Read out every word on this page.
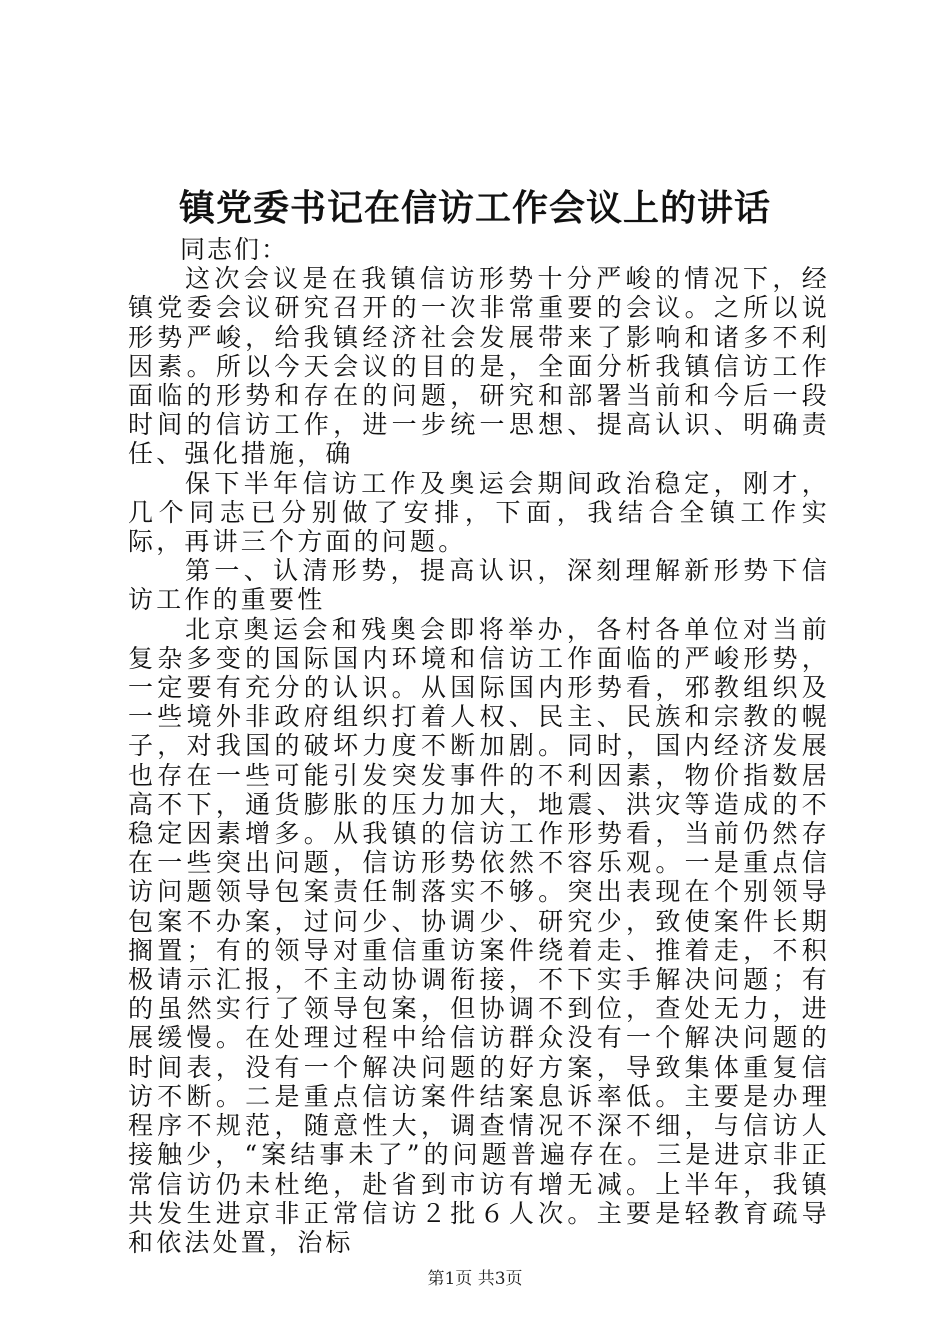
镇党委书记在信访工作会议上的讲话

同志们：

这次会议是在我镇信访形势十分严峻的情况下，经镇党委会议研究召开的一次非常重要的会议。之所以说形势严峻，给我镇经济社会发展带来了影响和诸多不利因素。所以今天会议的目的是，全面分析我镇信访工作面临的形势和存在的问题，研究和部署当前和今后一段时间的信访工作，进一步统一思想、提高认识、明确责任、强化措施，确

保下半年信访工作及奥运会期间政治稳定，刚才，几个同志已分别做了安排，下面，我结合全镇工作实际，再讲三个方面的问题。

第一、认清形势，提高认识，深刻理解新形势下信访工作的重要性

北京奥运会和残奥会即将举办，各村各单位对当前复杂多变的国际国内环境和信访工作面临的严峻形势，一定要有充分的认识。从国际国内形势看，邪教组织及一些境外非政府组织打着人权、民主、民族和宗教的幌子，对我国的破坏力度不断加剧。同时，国内经济发展也存在一些可能引发突发事件的不利因素，物价指数居高不下，通货膨胀的压力加大，地震、洪灾等造成的不稳定因素增多。从我镇的信访工作形势看，当前仍然存在一些突出问题，信访形势依然不容乐观。一是重点信访问题领导包案责任制落实不够。突出表现在个别领导包案不办案，过问少、协调少、研究少，致使案件长期搁置；有的领导对重信重访案件绕着走、推着走，不积极请示汇报，不主动协调衔接，不下实手解决问题；有的虽然实行了领导包案，但协调不到位，查处无力，进展缓慢。在处理过程中给信访群众没有一个解决问题的时间表，没有一个解决问题的好方案，导致集体重复信访不断。二是重点信访案件结案息诉率低。主要是办理程序不规范，随意性大，调查情况不深不细，与信访人接触少，“案结事未了”的问题普遍存在。三是进京非正常信访仍未杜绝，赴省到市访有增无减。上半年，我镇共发生进京非正常信访２批６人次。主要是轻教育疏导和依法处置，治标

第1页 共3页
